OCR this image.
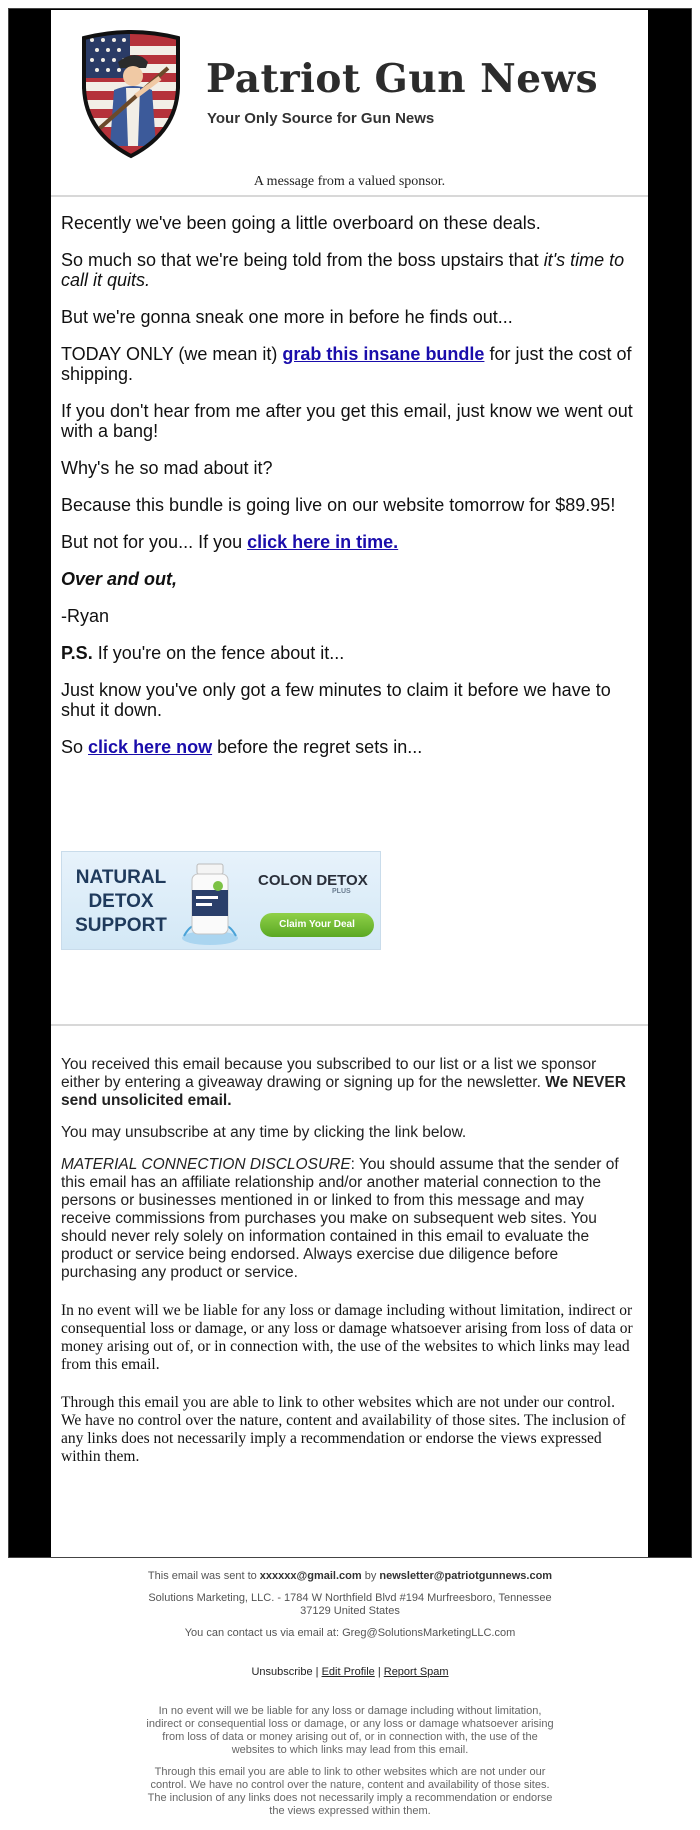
Patriot Gun News
Your Only Source for Gun News
A message from a valued sponsor.

Recently we've been going a little overboard on these deals.

So much so that we're being told from the boss upstairs that it's time to call it quits.

But we're gonna sneak one more in before he finds out...

TODAY ONLY (we mean it) grab this insane bundle for just the cost of shipping.

If you don't hear from me after you get this email, just know we went out with a bang!

Why's he so mad about it?

Because this bundle is going live on our website tomorrow for $89.95!

But not for you... If you click here in time.

Over and out,

-Ryan

P.S. If you're on the fence about it...

Just know you've only got a few minutes to claim it before we have to shut it down.

So click here now before the regret sets in...

NATURAL
DETOX
SUPPORT
COLON DETOX
PLUS
Claim Your Deal

You received this email because you subscribed to our list or a list we sponsor either by entering a giveaway drawing or signing up for the newsletter. We NEVER send unsolicited email.

You may unsubscribe at any time by clicking the link below.

MATERIAL CONNECTION DISCLOSURE: You should assume that the sender of this email has an affiliate relationship and/or another material connection to the persons or businesses mentioned in or linked to from this message and may receive commissions from purchases you make on subsequent web sites. You should never rely solely on information contained in this email to evaluate the product or service being endorsed. Always exercise due diligence before purchasing any product or service.

In no event will we be liable for any loss or damage including without limitation, indirect or consequential loss or damage, or any loss or damage whatsoever arising from loss of data or money arising out of, or in connection with, the use of the websites to which links may lead from this email.

Through this email you are able to link to other websites which are not under our control. We have no control over the nature, content and availability of those sites. The inclusion of any links does not necessarily imply a recommendation or endorse the views expressed within them.

This email was sent to xxxxxx@gmail.com by newsletter@patriotgunnews.com

Solutions Marketing, LLC. - 1784 W Northfield Blvd #194 Murfreesboro, Tennessee 37129 United States

You can contact us via email at: Greg@SolutionsMarketingLLC.com

Unsubscribe | Edit Profile | Report Spam

In no event will we be liable for any loss or damage including without limitation, indirect or consequential loss or damage, or any loss or damage whatsoever arising from loss of data or money arising out of, or in connection with, the use of the websites to which links may lead from this email.

Through this email you are able to link to other websites which are not under our control. We have no control over the nature, content and availability of those sites. The inclusion of any links does not necessarily imply a recommendation or endorse the views expressed within them.
